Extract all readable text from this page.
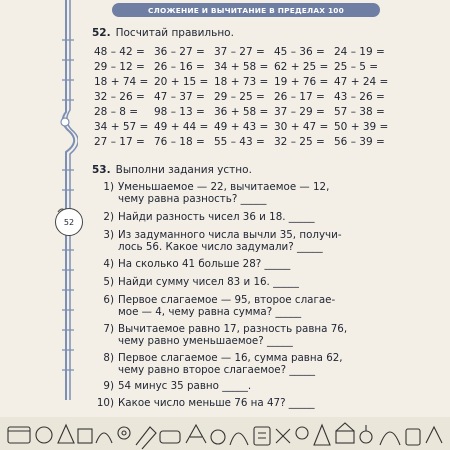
СЛОЖЕНИЕ И ВЫЧИТАНИЕ В ПРЕДЕЛАХ 100
52. Посчитай правильно.
48 – 42 = 36 – 27 = 37 – 27 = 45 – 36 = 24 – 19 =
29 – 12 = 26 – 16 = 34 + 58 = 62 + 25 = 25 – 5 =
18 + 74 = 20 + 15 = 18 + 73 = 19 + 76 = 47 + 24 =
32 – 26 = 47 – 37 = 29 – 25 = 26 – 17 = 43 – 26 =
28 – 8 =	98 – 13 = 36 + 58 = 37 – 29 = 57 – 38 =
34 + 57 = 49 + 44 = 49 + 43 = 30 + 47 = 50 + 39 =
27 – 17 = 76 – 18 = 55 – 43 = 32 – 25 = 56 – 39 =
53. Выполни задания устно.
52
1) Уменьшаемое — 22, вычитаемое — 12,
чему равна разность? _____
2) Найди разность чисел 36 и 18. _____
3) Из задуманного числа вычли 35, получи-
лось 56. Какое число задумали? _____
4) На сколько 41 больше 28? _____
5) Найди сумму чисел 83 и 16. _____
6) Первое слагаемое — 95, второе слагае-
мое — 4, чему равна сумма? _____
7) Вычитаемое равно 17, разность равна 76,
чему равно уменьшаемое? _____
8) Первое слагаемое — 16, сумма равна 62,
чему равно второе слагаемое? _____
9) 54 минус 35 равно _____.
10) Какое число меньше 76 на 47? _____
